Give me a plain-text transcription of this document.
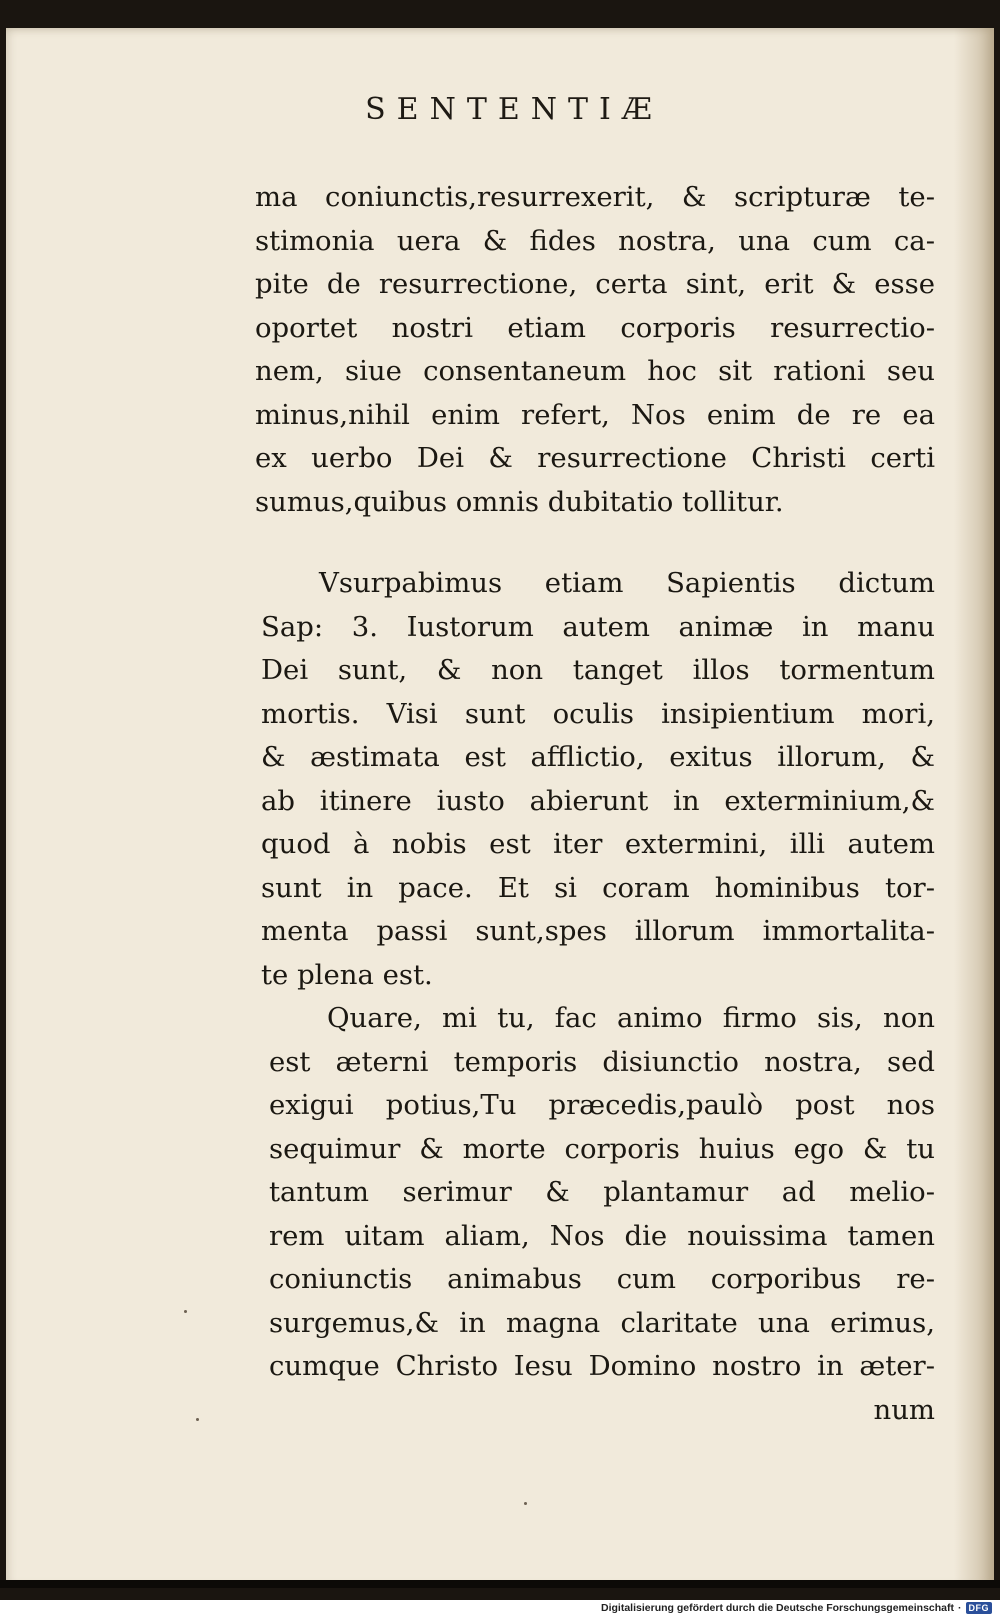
SENTENTIÆ
ma coniunctis,resurrexerit, & scripturæ te-
stimonia uera & fides nostra, una cum ca-
pite de resurrectione, certa sint, erit & esse
oportet nostri etiam corporis resurrectio-
nem, siue consentaneum hoc sit rationi seu
minus,nihil enim refert, Nos enim de re ea
ex uerbo Dei & resurrectione Christi certi
sumus,quibus omnis dubitatio tollitur.
Vsurpabimus etiam Sapientis dictum
Sap: 3. Iustorum autem animæ in manu
Dei sunt, & non tanget illos tormentum
mortis. Visi sunt oculis insipientium mori,
& æstimata est afflictio, exitus illorum, &
ab itinere iusto abierunt in exterminium,&
quod à nobis est iter extermini, illi autem
sunt in pace. Et si coram hominibus tor-
menta passi sunt,spes illorum immortalita-
te plena est.
Quare, mi tu, fac animo firmo sis, non
est æterni temporis disiunctio nostra, sed
exigui potius,Tu præcedis,paulò post nos
sequimur & morte corporis huius ego & tu
tantum serimur & plantamur ad melio-
rem uitam aliam, Nos die nouissima tamen
coniunctis animabus cum corporibus re-
surgemus,& in magna claritate una erimus,
cumque Christo Iesu Domino nostro in æter-
num
Digitalisierung gefördert durch die Deutsche Forschungsgemeinschaft · DFG
